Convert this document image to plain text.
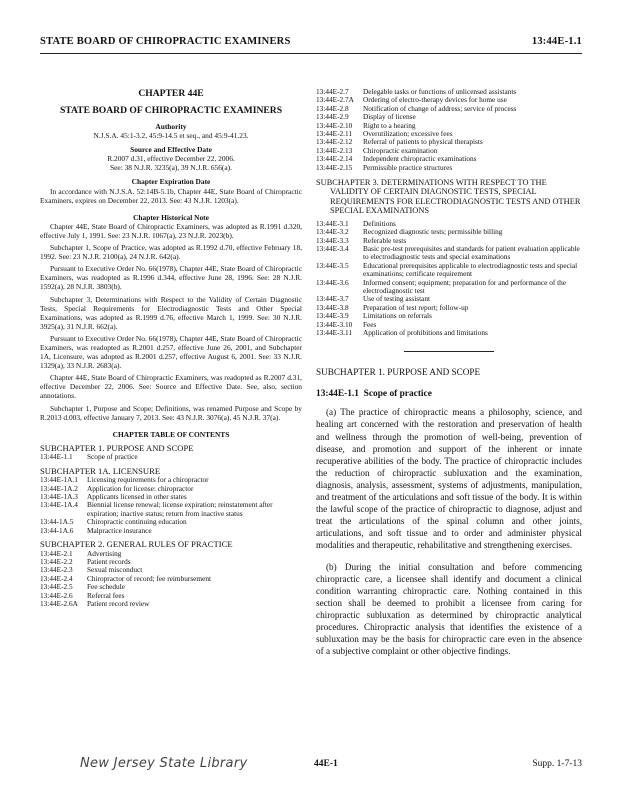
STATE BOARD OF CHIROPRACTIC EXAMINERS	13:44E-1.1
CHAPTER 44E
STATE BOARD OF CHIROPRACTIC EXAMINERS
Authority
N.J.S.A. 45:1-3.2, 45:9-14.5 et seq., and 45:9-41.23.
Source and Effective Date
R.2007 d.31, effective December 22, 2006.
See: 38 N.J.R. 3235(a), 39 N.J.R. 656(a).
Chapter Expiration Date

In accordance with N.J.S.A. 52:14B-5.1b, Chapter 44E, State Board of Chiropractic Examiners, expires on December 22, 2013. See: 43 N.J.R. 1203(a).

Chapter Historical Note

Chapter 44E, State Board of Chiropractic Examiners, was adopted as R.1991 d.320, effective July 1, 1991. See: 23 N.J.R. 1067(a), 23 N.J.R. 2023(b).

Subchapter 1, Scope of Practice, was adopted as R.1992 d.70, effective February 18, 1992. See: 23 N.J.R. 2100(a), 24 N.J.R. 642(a).

Pursuant to Executive Order No. 66(1978), Chapter 44E, State Board of Chiropractic Examiners, was readopted as R.1996 d.344, effective June 28, 1996. See: 28 N.J.R. 1592(a), 28 N.J.R. 3803(b).

Subchapter 3, Determinations with Respect to the Validity of Certain Diagnostic Tests, Special Requirements for Electrodiagnostic Tests and Other Special Examinations, was adopted as R.1999 d.76, effective March 1, 1999. See: 30 N.J.R. 3925(a), 31 N.J.R. 662(a).

Pursuant to Executive Order No. 66(1978), Chapter 44E, State Board of Chiropractic Examiners, was readopted as R.2001 d.257, effective June 26, 2001, and Subchapter 1A, Licensure, was adopted as R.2001 d.257, effective August 6, 2001. See: 33 N.J.R. 1329(a), 33 N.J.R. 2683(a).

Chapter 44E, State Board of Chiropractic Examiners, was readopted as R.2007 d.31, effective December 22, 2006. See: Source and Effective Date. See, also, section annotations.

Subchapter 1, Purpose and Scope; Definitions, was renamed Purpose and Scope by R.2013 d.003, effective January 7, 2013. See: 43 N.J.R. 3076(a), 45 N.J.R. 37(a).

CHAPTER TABLE OF CONTENTS
SUBCHAPTER 1. PURPOSE AND SCOPE
13:44E-1.1	Scope of practice
SUBCHAPTER 1A. LICENSURE
13:44E-1A.1	Licensing requirements for a chiropractor
13:44E-1A.2	Application for license: chiropractor
13:44E-1A.3	Applicants licensed in other states
13:44E-1A.4	Biennial license renewal; license expiration; reinstatement after expiration; inactive status; return from inactive status
13:44-1A.5	Chiropractic continuing education
13:44-1A.6	Malpractice insurance
SUBCHAPTER 2. GENERAL RULES OF PRACTICE
13:44E-2.1	Advertising
13:44E-2.2	Patient records
13:44E-2.3	Sexual misconduct
13:44E-2.4	Chiropractor of record; fee reimbursement
13:44E-2.5	Fee schedule
13:44E-2.6	Referral fees
13:44E-2.6A	Patient record review
13:44E-2.7	Delegable tasks or functions of unlicensed assistants
13:44E-2.7A	Ordering of electro-therapy devices for home use
13:44E-2.8	Notification of change of address; service of process
13:44E-2.9	Display of license
13:44E-2.10	Right to a hearing
13:44E-2.11	Overutilization; excessive fees
13:44E-2.12	Referral of patients to physical therapists
13:44E-2.13	Chiropractic examination
13:44E-2.14	Independent chiropractic examinations
13:44E-2.15	Permissible practice structures
SUBCHAPTER 3. DETERMINATIONS WITH RESPECT TO THE VALIDITY OF CERTAIN DIAGNOSTIC TESTS, SPECIAL REQUIREMENTS FOR ELECTRODIAGNOSTIC TESTS AND OTHER SPECIAL EXAMINATIONS
13:44E-3.1	Definitions
13:44E-3.2	Recognized diagnostic tests; permissible billing
13:44E-3.3	Referable tests
13:44E-3.4	Basic pre-test prerequisites and standards for patient evaluation applicable to electrodiagnostic tests and special examinations
13:44E-3.5	Educational prerequisites applicable to electrodiagnostic tests and special examinations; certificate requirement
13:44E-3.6	Informed consent; equipment; preparation for and performance of the electrodiagnostic test
13:44E-3.7	Use of testing assistant
13:44E-3.8	Preparation of test report; follow-up
13:44E-3.9	Limitations on referrals
13:44E-3.10	Fees
13:44E-3.11	Application of prohibitions and limitations
SUBCHAPTER 1. PURPOSE AND SCOPE
13:44E-1.1 Scope of practice

(a) The practice of chiropractic means a philosophy, science, and healing art concerned with the restoration and preservation of health and wellness through the promotion of well-being, prevention of disease, and promotion and support of the inherent or innate recuperative abilities of the body. The practice of chiropractic includes the reduction of chiropractic subluxation and the examination, diagnosis, analysis, assessment, systems of adjustments, manipulation, and treatment of the articulations and soft tissue of the body. It is within the lawful scope of the practice of chiropractic to diagnose, adjust and treat the articulations of the spinal column and other joints, articulations, and soft tissue and to order and administer physical modalities and therapeutic, rehabilitative and strengthening exercises.

(b) During the initial consultation and before commencing chiropractic care, a licensee shall identify and document a clinical condition warranting chiropractic care. Nothing contained in this section shall be deemed to prohibit a licensee from caring for chiropractic subluxation as determined by chiropractic analytical procedures. Chiropractic analysis that identifies the existence of a subluxation may be the basis for chiropractic care even in the absence of a subjective complaint or other objective findings.

New Jersey State Library	44E-1	Supp. 1-7-13
